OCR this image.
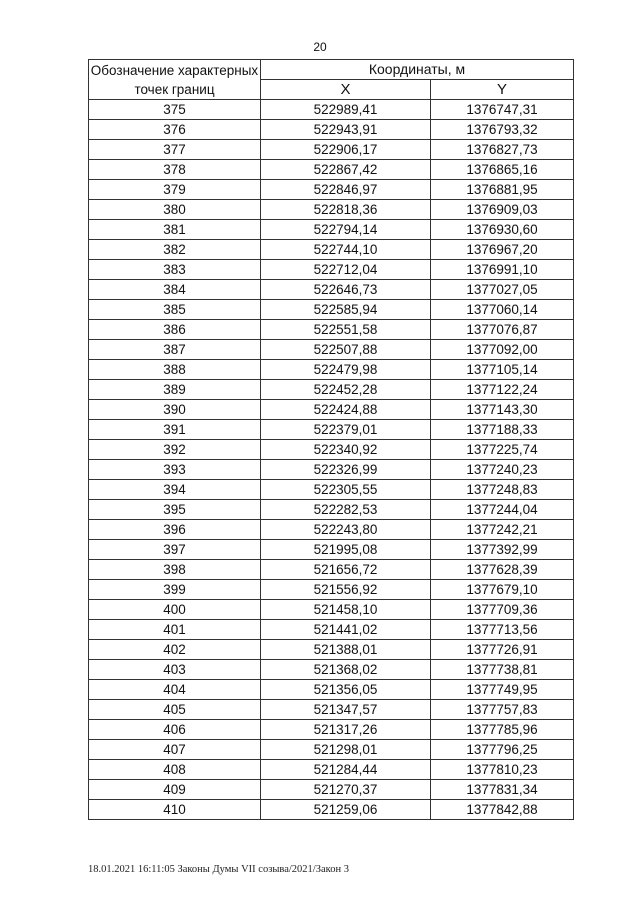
20
Обозначение характерных точек границ	Координаты, м	
	X	Y
375	522989,41	1376747,31
376	522943,91	1376793,32
377	522906,17	1376827,73
378	522867,42	1376865,16
379	522846,97	1376881,95
380	522818,36	1376909,03
381	522794,14	1376930,60
382	522744,10	1376967,20
383	522712,04	1376991,10
384	522646,73	1377027,05
385	522585,94	1377060,14
386	522551,58	1377076,87
387	522507,88	1377092,00
388	522479,98	1377105,14
389	522452,28	1377122,24
390	522424,88	1377143,30
391	522379,01	1377188,33
392	522340,92	1377225,74
393	522326,99	1377240,23
394	522305,55	1377248,83
395	522282,53	1377244,04
396	522243,80	1377242,21
397	521995,08	1377392,99
398	521656,72	1377628,39
399	521556,92	1377679,10
400	521458,10	1377709,36
401	521441,02	1377713,56
402	521388,01	1377726,91
403	521368,02	1377738,81
404	521356,05	1377749,95
405	521347,57	1377757,83
406	521317,26	1377785,96
407	521298,01	1377796,25
408	521284,44	1377810,23
409	521270,37	1377831,34
410	521259,06	1377842,88
18.01.2021 16:11:05 Законы Думы VII созыва/2021/Закон 3
